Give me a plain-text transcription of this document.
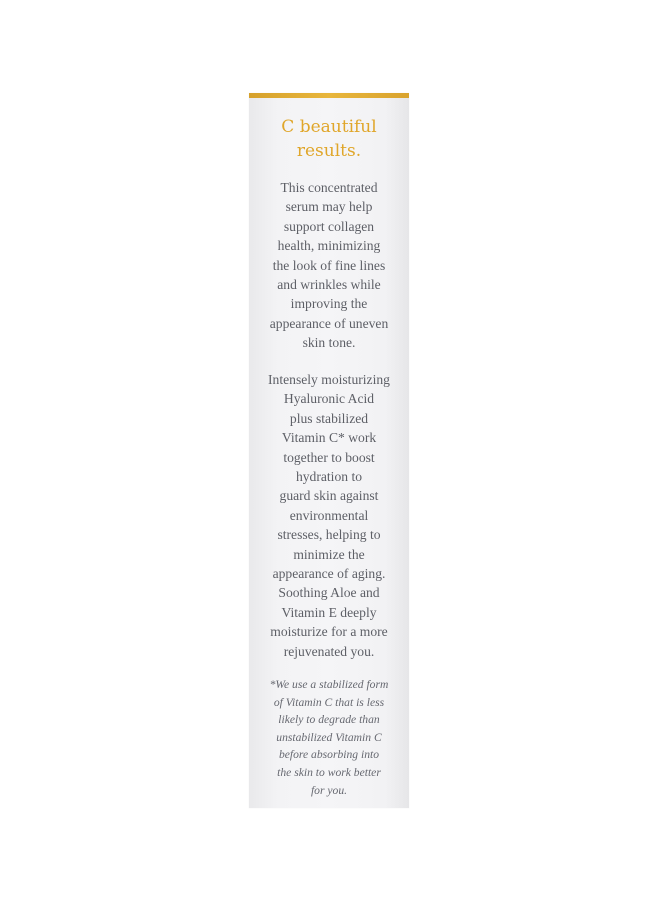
C beautiful
results.
This concentrated
serum may help
support collagen
health, minimizing
the look of fine lines
and wrinkles while
improving the
appearance of uneven
skin tone.
Intensely moisturizing
Hyaluronic Acid
plus stabilized
Vitamin C* work
together to boost
hydration to
guard skin against
environmental
stresses, helping to
minimize the
appearance of aging.
Soothing Aloe and
Vitamin E deeply
moisturize for a more
rejuvenated you.
*We use a stabilized form
of Vitamin C that is less
likely to degrade than
unstabilized Vitamin C
before absorbing into
the skin to work better
for you.
